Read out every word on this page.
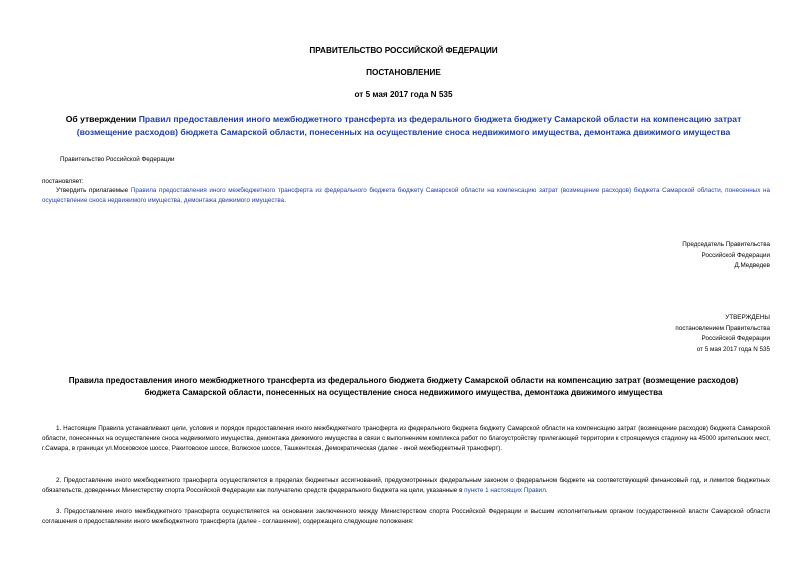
ПРАВИТЕЛЬСТВО РОССИЙСКОЙ ФЕДЕРАЦИИ
ПОСТАНОВЛЕНИЕ
от 5 мая 2017 года N 535
Об утверждении Правил предоставления иного межбюджетного трансферта из федерального бюджета бюджету Самарской области на компенсацию затрат (возмещение расходов) бюджета Самарской области, понесенных на осуществление сноса недвижимого имущества, демонтажа движимого имущества
Правительство Российской Федерации
постановляет:
Утвердить прилагаемые Правила предоставления иного межбюджетного трансферта из федерального бюджета бюджету Самарской области на компенсацию затрат (возмещение расходов) бюджета Самарской области, понесенных на осуществление сноса недвижимого имущества, демонтажа движимого имущества.
Председатель Правительства
Российской Федерации
Д.Медведев
УТВЕРЖДЕНЫ
постановлением Правительства
Российской Федерации
от 5 мая 2017 года N 535
Правила предоставления иного межбюджетного трансферта из федерального бюджета бюджету Самарской области на компенсацию затрат (возмещение расходов) бюджета Самарской области, понесенных на осуществление сноса недвижимого имущества, демонтажа движимого имущества
1. Настоящие Правила устанавливают цели, условия и порядок предоставления иного межбюджетного трансферта из федерального бюджета бюджету Самарской области на компенсацию затрат (возмещение расходов) бюджета Самарской области, понесенных на осуществление сноса недвижимого имущества, демонтажа движимого имущества в связи с выполнением комплекса работ по благоустройству прилегающей территории к строящемуся стадиону на 45000 зрительских мест, г.Самара, в границах ул.Московское шоссе, Ракитовское шоссе, Волжское шоссе, Ташкентская, Демократическая (далее - иной межбюджетный трансферт).
2. Предоставление иного межбюджетного трансферта осуществляется в пределах бюджетных ассигнований, предусмотренных федеральным законом о федеральном бюджете на соответствующий финансовый год, и лимитов бюджетных обязательств, доведенных Министерству спорта Российской Федерации как получателю средств федерального бюджета на цели, указанные в пункте 1 настоящих Правил.
3. Предоставление иного межбюджетного трансферта осуществляется на основании заключенного между Министерством спорта Российской Федерации и высшим исполнительным органом государственной власти Самарской области соглашения о предоставлении иного межбюджетного трансферта (далее - соглашение), содержащего следующие положения:
